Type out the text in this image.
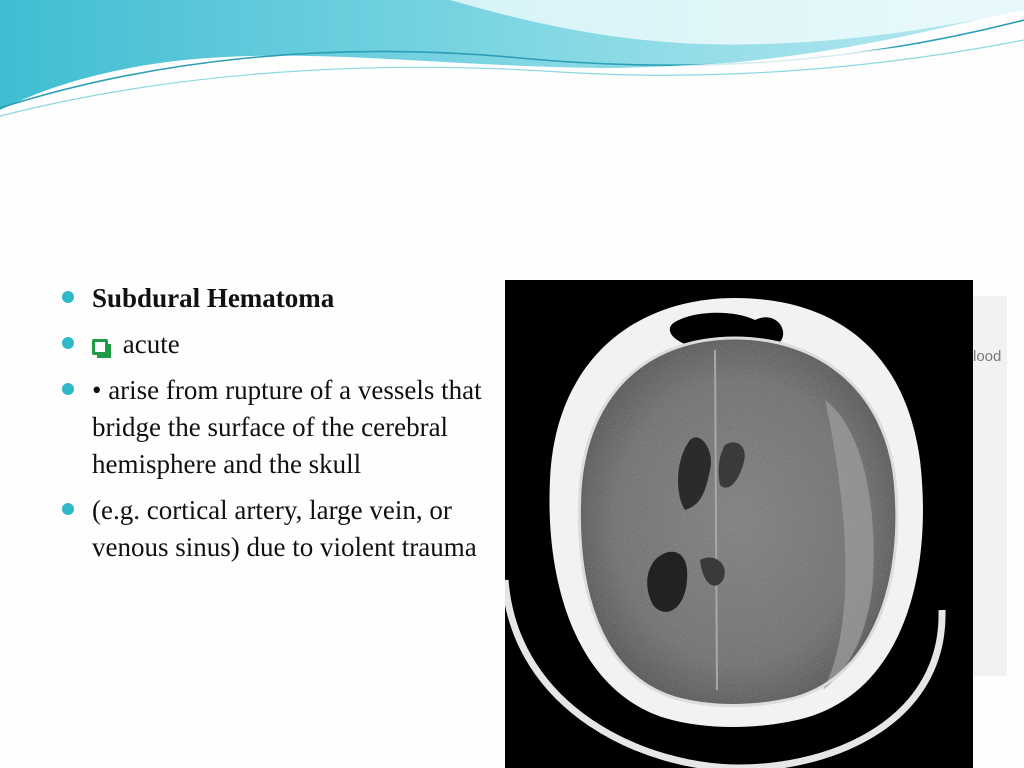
Subdural Hematoma
acute
• arise from rupture of a vessels that bridge the surface of the cerebral hemisphere and the skull
(e.g. cortical artery, large vein, or venous sinus) due to violent trauma
lood
